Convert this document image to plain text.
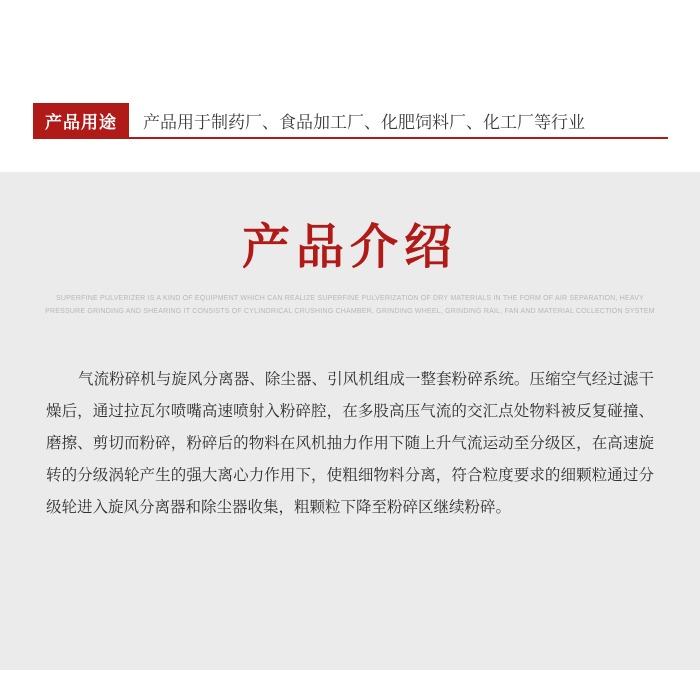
产品用途	产品用于制药厂、食品加工厂、化肥饲料厂、化工厂等行业
产品介绍
SUPERFINE PULVERIZER IS A KIND OF EQUIPMENT WHICH CAN REALIZE SUPERFINE PULVERIZATION OF DRY MATERIALS IN THE FORM OF AIR SEPARATION, HEAVY PRESSURE GRINDING AND SHEARING IT CONSISTS OF CYLINDRICAL CRUSHING CHAMBER, GRINDING WHEEL, GRINDING RAIL, FAN AND MATERIAL COLLECTION SYSTEM
气流粉碎机与旋风分离器、除尘器、引风机组成一整套粉碎系统。压缩空气经过滤干燥后，通过拉瓦尔喷嘴高速喷射入粉碎腔，在多股高压气流的交汇点处物料被反复碰撞、磨擦、剪切而粉碎，粉碎后的物料在风机抽力作用下随上升气流运动至分级区，在高速旋转的分级涡轮产生的强大离心力作用下，使粗细物料分离，符合粒度要求的细颗粒通过分级轮进入旋风分离器和除尘器收集，粗颗粒下降至粉碎区继续粉碎。
